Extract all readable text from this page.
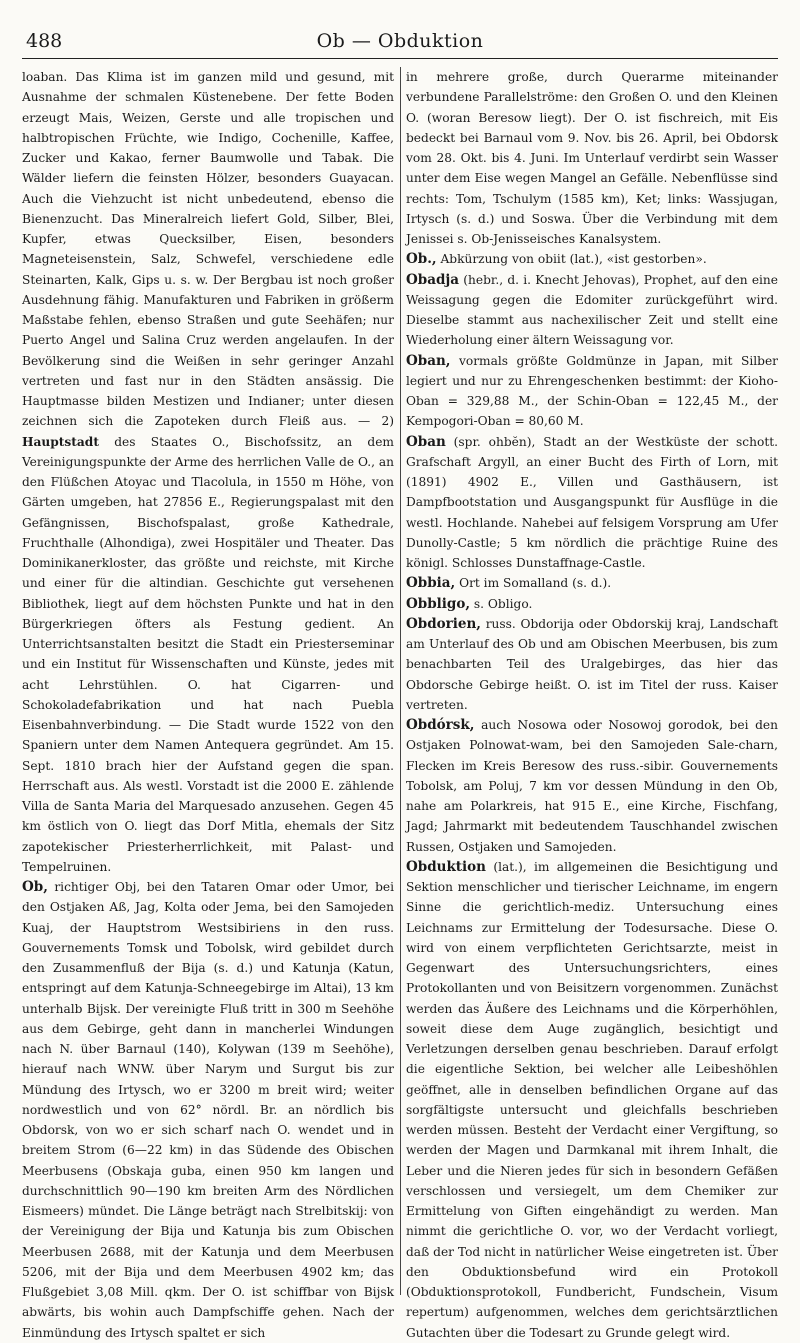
488	Ob — Obduktion

loaban. Das Klima ist im ganzen mild und gesund, mit Ausnahme der schmalen Küstenebene. Der fette Boden erzeugt Mais, Weizen, Gerste und alle tropischen und halbtropischen Früchte, wie Indigo, Cochenille, Kaffee, Zucker und Kakao, ferner Baumwolle und Tabak. Die Wälder liefern die feinsten Hölzer, besonders Guayacan. Auch die Viehzucht ist nicht unbedeutend, ebenso die Bienenzucht. Das Mineralreich liefert Gold, Silber, Blei, Kupfer, etwas Quecksilber, Eisen, besonders Magneteisenstein, Salz, Schwefel, verschiedene edle Steinarten, Kalk, Gips u. s. w. Der Bergbau ist noch großer Ausdehnung fähig. Manufakturen und Fabriken in größerm Maßstabe fehlen, ebenso Straßen und gute Seehäfen; nur Puerto Angel und Salina Cruz werden angelaufen. In der Bevölkerung sind die Weißen in sehr geringer Anzahl vertreten und fast nur in den Städten ansässig. Die Hauptmasse bilden Mestizen und Indianer; unter diesen zeichnen sich die Zapoteken durch Fleiß aus. — 2) Hauptstadt des Staates O., Bischofssitz, an dem Vereinigungspunkte der Arme des herrlichen Valle de O., an den Flüßchen Atoyac und Tlacolula, in 1550 m Höhe, von Gärten umgeben, hat 27856 E., Regierungspalast mit den Gefängnissen, Bischofspalast, große Kathedrale, Fruchthalle (Alhondiga), zwei Hospitäler und Theater. Das Dominikanerkloster, das größte und reichste, mit Kirche und einer für die altindian. Geschichte gut versehenen Bibliothek, liegt auf dem höchsten Punkte und hat in den Bürgerkriegen öfters als Festung gedient. An Unterrichtsanstalten besitzt die Stadt ein Priesterseminar und ein Institut für Wissenschaften und Künste, jedes mit acht Lehrstühlen. O. hat Cigarren- und Schokoladefabrikation und hat nach Puebla Eisenbahnverbindung. — Die Stadt wurde 1522 von den Spaniern unter dem Namen Antequera gegründet. Am 15. Sept. 1810 brach hier der Aufstand gegen die span. Herrschaft aus. Als westl. Vorstadt ist die 2000 E. zählende Villa de Santa Maria del Marquesado anzusehen. Gegen 45 km östlich von O. liegt das Dorf Mitla, ehemals der Sitz zapotekischer Priesterherrlichkeit, mit Palast- und Tempelruinen.

Ob, richtiger Obj, bei den Tataren Omar oder Umor, bei den Ostjaken Aß, Jag, Kolta oder Jema, bei den Samojeden Kuaj, der Hauptstrom Westsibiriens in den russ. Gouvernements Tomsk und Tobolsk, wird gebildet durch den Zusammenfluß der Bija (s. d.) und Katunja (Katun, entspringt auf dem Katunja-Schneegebirge im Altai), 13 km unterhalb Bijsk. Der vereinigte Fluß tritt in 300 m Seehöhe aus dem Gebirge, geht dann in mancherlei Windungen nach N. über Barnaul (140), Kolywan (139 m Seehöhe), hierauf nach WNW. über Narym und Surgut bis zur Mündung des Irtysch, wo er 3200 m breit wird; weiter nordwestlich und von 62° nördl. Br. an nördlich bis Obdorsk, von wo er sich scharf nach O. wendet und in breitem Strom (6—22 km) in das Südende des Obischen Meerbusens (Obskaja guba, einen 950 km langen und durchschnittlich 90—190 km breiten Arm des Nördlichen Eismeers) mündet. Die Länge beträgt nach Strelbitskij: von der Vereinigung der Bija und Katunja bis zum Obischen Meerbusen 2688, mit der Katunja und dem Meerbusen 5206, mit der Bija und dem Meerbusen 4902 km; das Flußgebiet 3,08 Mill. qkm. Der O. ist schiffbar von Bijsk abwärts, bis wohin auch Dampfschiffe gehen. Nach der Einmündung des Irtysch spaltet er sich

in mehrere große, durch Querarme miteinander verbundene Parallelströme: den Großen O. und den Kleinen O. (woran Beresow liegt). Der O. ist fischreich, mit Eis bedeckt bei Barnaul vom 9. Nov. bis 26. April, bei Obdorsk vom 28. Okt. bis 4. Juni. Im Unterlauf verdirbt sein Wasser unter dem Eise wegen Mangel an Gefälle. Nebenflüsse sind rechts: Tom, Tschulym (1585 km), Ket; links: Wassjugan, Irtysch (s. d.) und Soswa. Über die Verbindung mit dem Jenissei s. Ob-Jenisseisches Kanalsystem.

Ob., Abkürzung von obiit (lat.), «ist gestorben».

Obadja (hebr., d. i. Knecht Jehovas), Prophet, auf den eine Weissagung gegen die Edomiter zurückgeführt wird. Dieselbe stammt aus nachexilischer Zeit und stellt eine Wiederholung einer ältern Weissagung vor.

Oban, vormals größte Goldmünze in Japan, mit Silber legiert und nur zu Ehrengeschenken bestimmt: der Kioho-Oban = 329,88 M., der Schin-Oban = 122,45 M., der Kempogori-Oban = 80,60 M.

Oban (spr. ohbĕn), Stadt an der Westküste der schott. Grafschaft Argyll, an einer Bucht des Firth of Lorn, mit (1891) 4902 E., Villen und Gasthäusern, ist Dampfbootstation und Ausgangspunkt für Ausflüge in die westl. Hochlande. Nahebei auf felsigem Vorsprung am Ufer Dunolly-Castle; 5 km nördlich die prächtige Ruine des königl. Schlosses Dunstaffnage-Castle.

Obbia, Ort im Somalland (s. d.).

Obbligo, s. Obligo.

Obdorien, russ. Obdorija oder Obdorskij kraj, Landschaft am Unterlauf des Ob und am Obischen Meerbusen, bis zum benachbarten Teil des Uralgebirges, das hier das Obdorsche Gebirge heißt. O. ist im Titel der russ. Kaiser vertreten.

Obdórsk, auch Nosowa oder Nosowoj gorodok, bei den Ostjaken Polnowat-wam, bei den Samojeden Sale-charn, Flecken im Kreis Beresow des russ.-sibir. Gouvernements Tobolsk, am Poluj, 7 km vor dessen Mündung in den Ob, nahe am Polarkreis, hat 915 E., eine Kirche, Fischfang, Jagd; Jahrmarkt mit bedeutendem Tauschhandel zwischen Russen, Ostjaken und Samojeden.

Obduktion (lat.), im allgemeinen die Besichtigung und Sektion menschlicher und tierischer Leichname, im engern Sinne die gerichtlich-mediz. Untersuchung eines Leichnams zur Ermittelung der Todesursache. Diese O. wird von einem verpflichteten Gerichtsarzte, meist in Gegenwart des Untersuchungsrichters, eines Protokollanten und von Beisitzern vorgenommen. Zunächst werden das Äußere des Leichnams und die Körperhöhlen, soweit diese dem Auge zugänglich, besichtigt und Verletzungen derselben genau beschrieben. Darauf erfolgt die eigentliche Sektion, bei welcher alle Leibeshöhlen geöffnet, alle in denselben befindlichen Organe auf das sorgfältigste untersucht und gleichfalls beschrieben werden müssen. Besteht der Verdacht einer Vergiftung, so werden der Magen und Darmkanal mit ihrem Inhalt, die Leber und die Nieren jedes für sich in besondern Gefäßen verschlossen und versiegelt, um dem Chemiker zur Ermittelung von Giften eingehändigt zu werden. Man nimmt die gerichtliche O. vor, wo der Verdacht vorliegt, daß der Tod nicht in natürlicher Weise eingetreten ist. Über den Obduktionsbefund wird ein Protokoll (Obduktionsprotokoll, Fundbericht, Fundschein, Visum repertum) aufgenommen, welches dem gerichtsärztlichen Gutachten über die Todesart zu Grunde gelegt wird.
